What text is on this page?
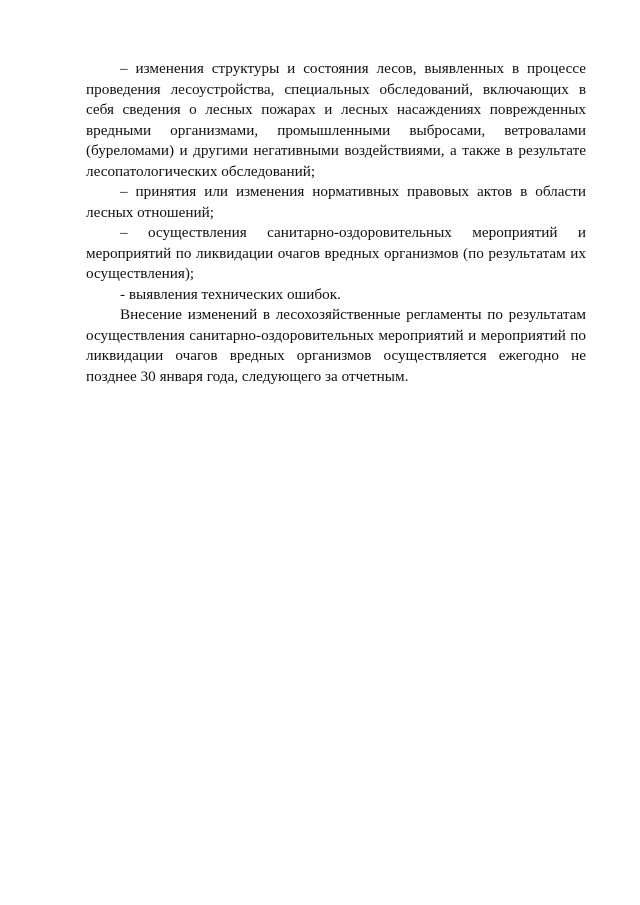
– изменения структуры и состояния лесов, выявленных в процессе проведения лесоустройства, специальных обследований, включающих в себя сведения о лесных пожарах и лесных насаждениях поврежденных вредными организмами, промышленными выбросами, ветровалами (буреломами) и другими негативными воздействиями, а также в результате лесопатологических обследований;

– принятия или изменения нормативных правовых актов в области лесных отношений;

– осуществления санитарно-оздоровительных мероприятий и мероприятий по ликвидации очагов вредных организмов (по результатам их осуществления);

- выявления технических ошибок.

Внесение изменений в лесохозяйственные регламенты по результатам осуществления санитарно-оздоровительных мероприятий и мероприятий по ликвидации очагов вредных организмов осуществляется ежегодно не позднее 30 января года, следующего за отчетным.
